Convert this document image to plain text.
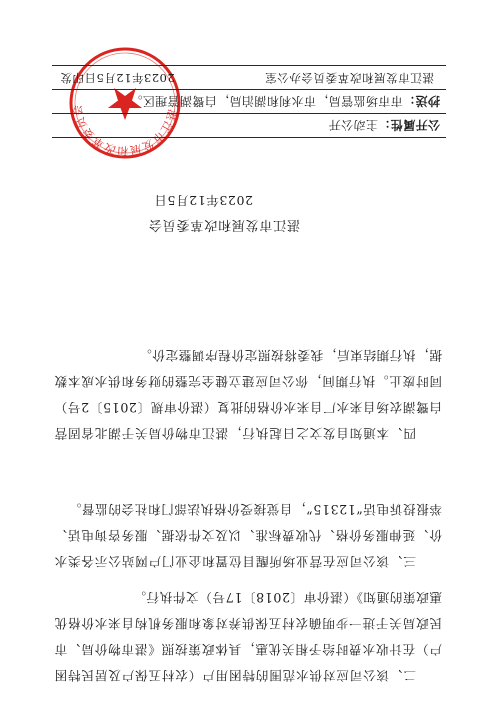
二、该公司应对供水范围的特困用户（农村五保户及居民特困户）在计收水费时给予相关优惠，具体政策按照《湛市物价局、市民政局关于进一步明确农村五保供养对象和服务机构自来水价格优惠政策的通知》（湛价审〔2018〕17号）文件执行。

三、该公司应在营业场所醒目位置和企业门户网站公示各类水价、延伸服务价格、代收费标准、以及文件依据、服务咨询电话、举报投诉电话“12315”，自觉接受价格执法部门和社会的监督。

四、本通知自发文之日起执行，湛江市物价局关于湖北省固营白鹭湖农场自来水厂自来水价格的批复（湛价审规〔2015〕2号）同时废止。执行期间，你公司应建立健全完整的财务和供水成本数据，执行期结束后，我委将按照定价程序调整定价。

湛江市发展和改革委员会
湛江市发展和改革委员会
2023年12月5日
公开属性：主动公开
抄送：市市场监管局，市水利和湖泊局，白鹭湖管理区。
湛江市发展和改革委员会办公室
2023年12月5日印发
